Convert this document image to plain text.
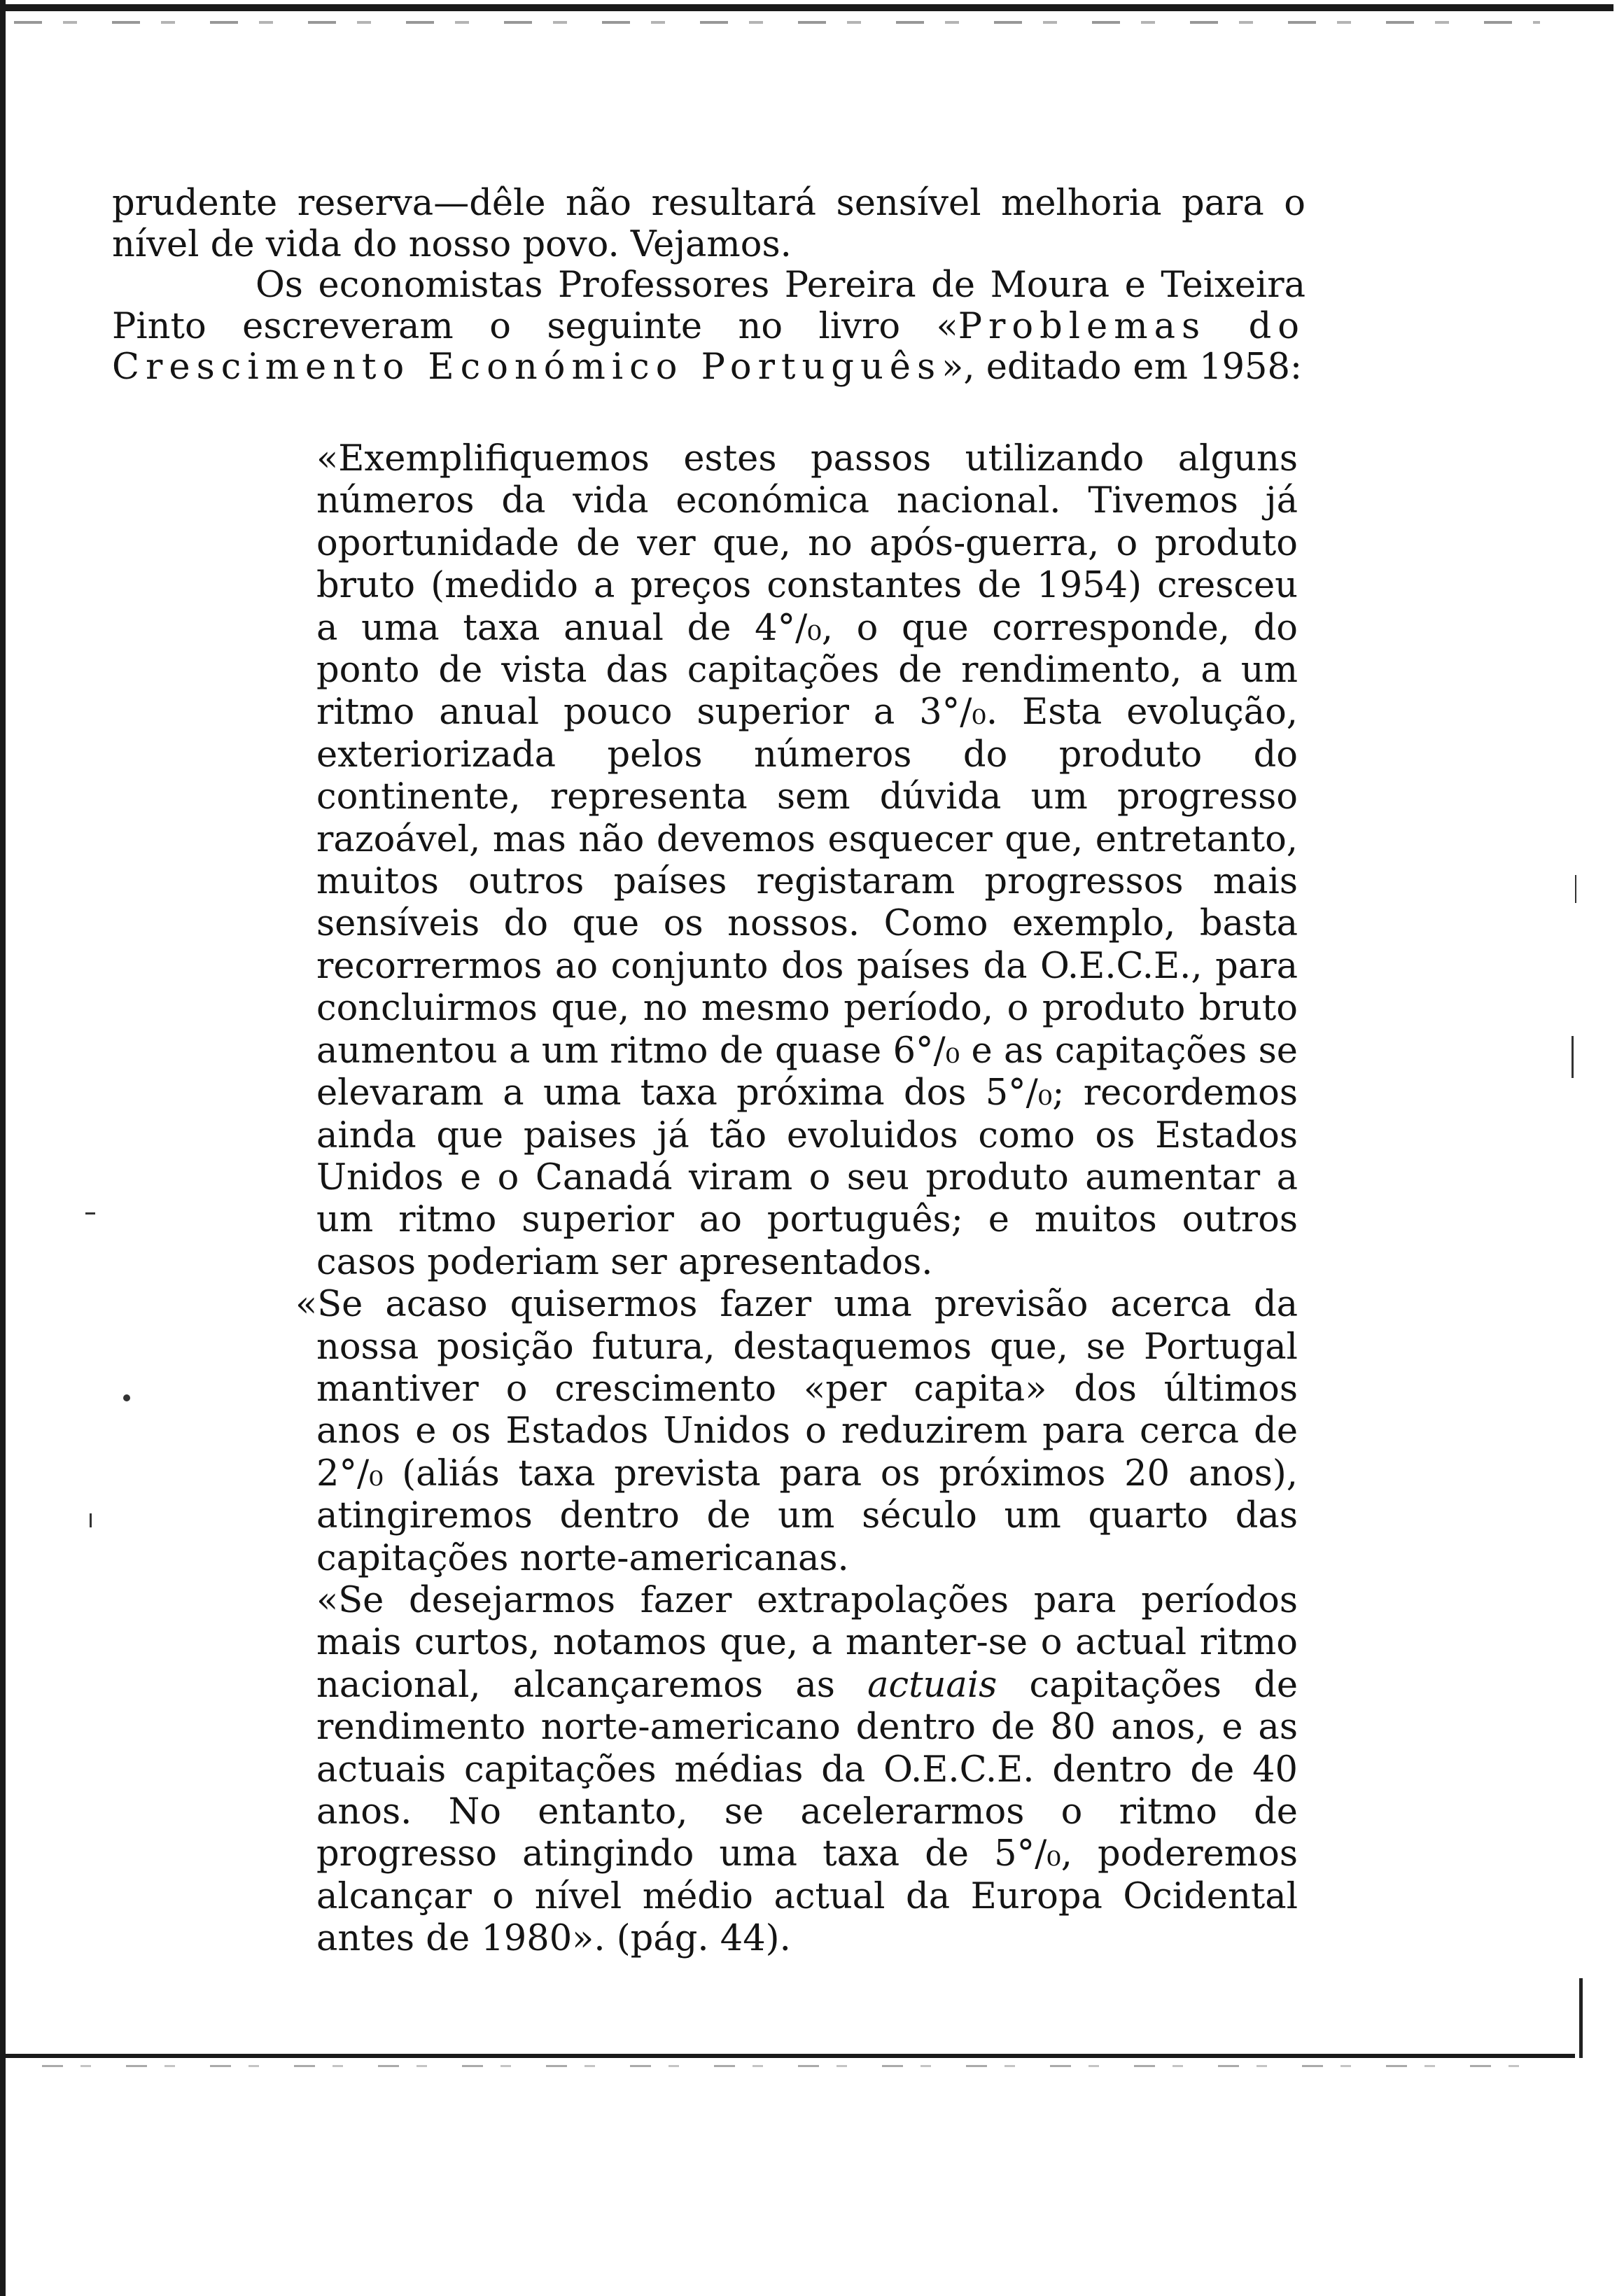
prudente reserva—dêle não resultará sensível melhoria para o nível de vida do nosso povo. Vejamos.

Os economistas Professores Pereira de Moura e Teixeira Pinto escreveram o seguinte no livro «Problemas do Crescimento Económico Português», editado em 1958:

«Exemplifiquemos estes passos utilizando alguns números da vida económica nacional. Tivemos já oportunidade de ver que, no após-guerra, o produto bruto (medido a preços constantes de 1954) cresceu a uma taxa anual de 4°/₀, o que corresponde, do ponto de vista das capitações de rendimento, a um ritmo anual pouco superior a 3°/₀. Esta evolução, exteriorizada pelos números do produto do continente, representa sem dúvida um progresso razoável, mas não devemos esquecer que, entretanto, muitos outros países registaram progressos mais sensíveis do que os nossos. Como exemplo, basta recorrermos ao conjunto dos países da O.E.C.E., para concluirmos que, no mesmo período, o produto bruto aumentou a um ritmo de quase 6°/₀ e as capitações se elevaram a uma taxa próxima dos 5°/₀; recordemos ainda que paises já tão evoluidos como os Estados Unidos e o Canadá viram o seu produto aumentar a um ritmo superior ao português; e muitos outros casos poderiam ser apresentados.

«Se acaso quisermos fazer uma previsão acerca da nossa posição futura, destaquemos que, se Portugal mantiver o crescimento «per capita» dos últimos anos e os Estados Unidos o reduzirem para cerca de 2°/₀ (aliás taxa prevista para os próximos 20 anos), atingiremos dentro de um século um quarto das capitações norte-americanas.

«Se desejarmos fazer extrapolações para períodos mais curtos, notamos que, a manter-se o actual ritmo nacional, alcançaremos as actuais capitações de rendimento norte-americano dentro de 80 anos, e as actuais capitações médias da O.E.C.E. dentro de 40 anos. No entanto, se acelerarmos o ritmo de progresso atingindo uma taxa de 5°/₀, poderemos alcançar o nível médio actual da Europa Ocidental antes de 1980». (pág. 44).
